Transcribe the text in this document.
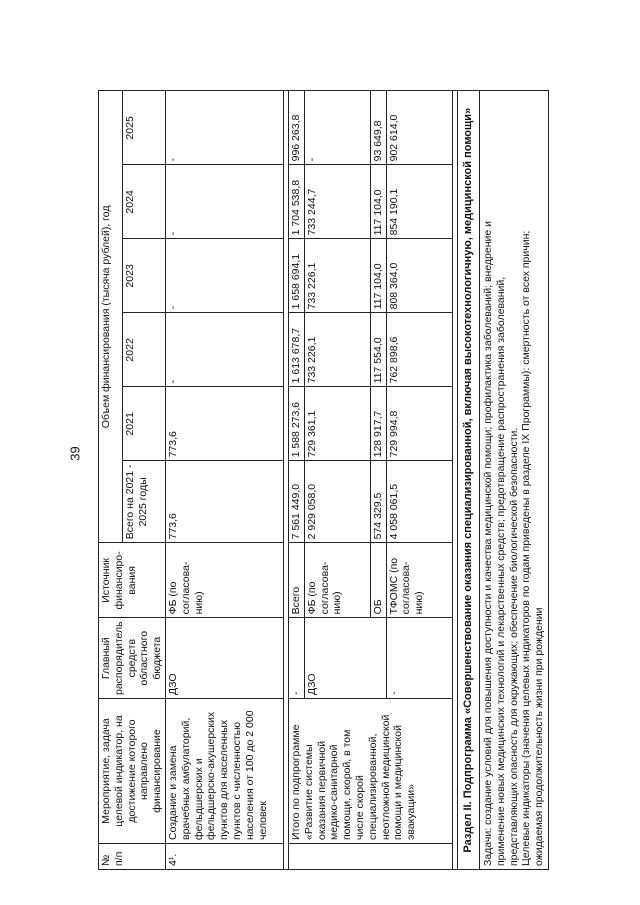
39
№ п/п	Мероприятие, задача целевой индикатор, на достижение которого направлено финансирование	Главный распорядитель средств областного бюджета	Источник финансиро-вания	Объем финансирования (тысяча рублей), год					
				Всего на 2021 - 2025 годы	2021	2022	2023	2024	2025
4¹.	Создание и замена врачебных амбулаторий, фельдшерских и фельдшерско-акушерских пунктов для населенных пунктов с численностью населения от 100 до 2 000 человек	ДЗО	ФБ (по согласова-нию)	773,6	773,6	-	-	-	-

	Итого по подпрограмме «Развитие системы оказания первичной медико-санитарной помощи, скорой, в том числе скорой специализированной, неотложной медицинской помощи и медицинской эвакуации»	-	Всего	7 561 449,0	1 588 273,6	1 613 678,7	1 658 694,1	1 704 538,8	996 263,8
		ДЗО	ФБ (по согласова-нию)	2 929 058,0	729 361,1	733 226,1	733 226,1	733 244,7	-
			ОБ	574 329,5	128 917,7	117 554,0	117 104,0	117 104,0	93 649,8
		-	ТФОМС (по согласова-нию)	4 058 061,5	729 994,8	762 898,6	808 364,0	854 190,1	902 614,0

Раздел II. Подпрограмма «Совершенствование оказания специализированной, включая высокотехнологичную, медицинской помощи»									

Задачи: создание условий для повышения доступности и качества медицинской помощи; профилактика заболеваний; внедрение и применение новых медицинских технологий и лекарственных средств; предотвращение распространения заболеваний, представляющих опасность для окружающих; обеспечение биологической безопасности. Целевые индикаторы (значения целевых индикаторов по годам приведены в разделе IX Программы): смертность от всех причин; ожидаемая продолжительность жизни при рождении									
